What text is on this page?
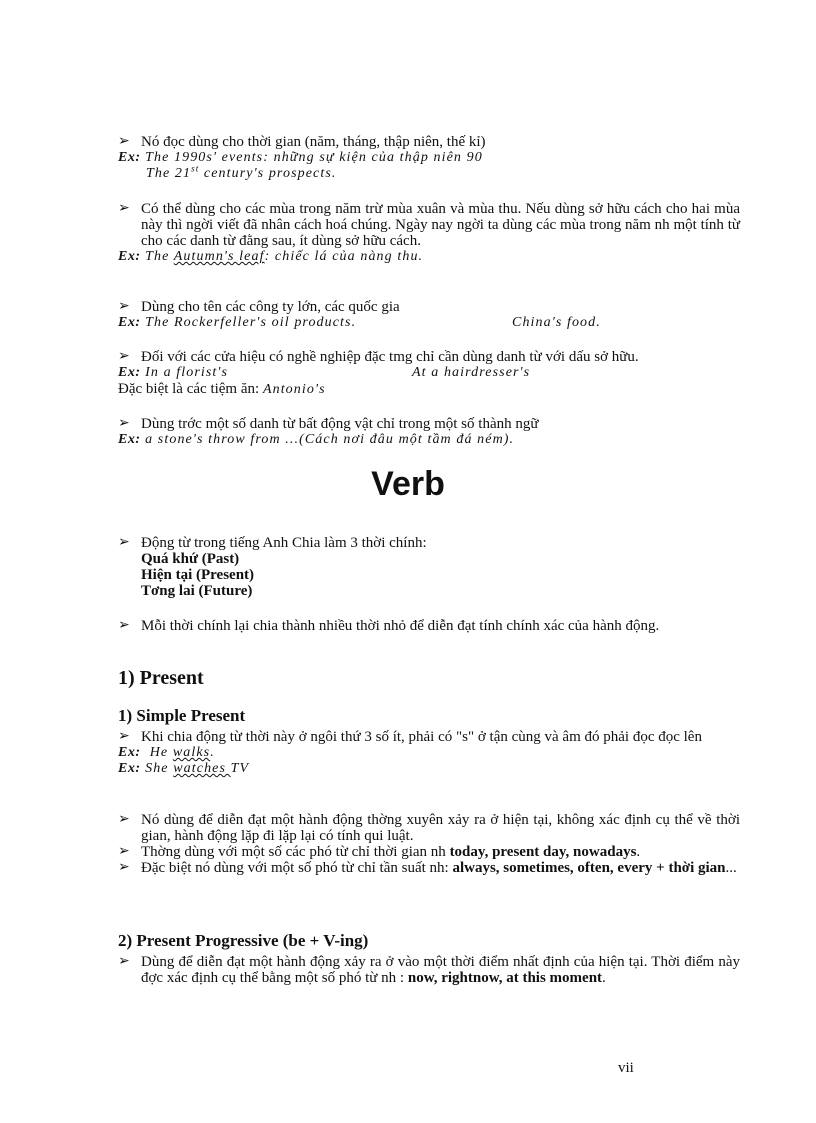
➢ Nó đọc dùng cho thời gian (năm, tháng, thập niên, thế kỉ)
Ex: The 1990s' events: những sự kiện của thập niên 90
The 21st century's prospects.
➢ Có thể dùng cho các mùa trong năm trừ mùa xuân và mùa thu. Nếu dùng sở hữu cách cho hai mùa này thì ngời viết đã nhân cách hoá chúng. Ngày nay ngời ta dùng các mùa trong năm nh một tính từ cho các danh từ đằng sau, ít dùng sở hữu cách.
Ex: The Autumn's leaf: chiếc lá của nàng thu.
➢ Dùng cho tên các công ty lớn, các quốc gia
Ex: The Rockerfeller's oil products.	China's food.
➢ Đối với các cửa hiệu có nghề nghiệp đặc tmg chỉ cần dùng danh từ với dấu sở hữu.
Ex: In a florist's	At a hairdresser's
Đặc biệt là các tiệm ăn: Antonio's
➢ Dùng trớc một số danh từ bất động vật chỉ trong một số thành ngữ
Ex: a stone's throw from ...(Cách nơi đâu một tầm đá ném).
Verb
➢ Động từ trong tiếng Anh Chia làm 3 thời chính:
Quá khứ (Past)
Hiện tại (Present)
Tơng lai (Future)
➢ Mỗi thời chính lại chia thành nhiều thời nhỏ để diễn đạt tính chính xác của hành động.
1) Present
1) Simple Present
➢ Khi chia động từ thời này ở ngôi thứ 3 số ít, phải có "s" ở tận cùng và âm đó phải đọc đọc lên
Ex: He walks.
Ex: She watches TV
➢ Nó dùng để diễn đạt một hành động thờng xuyên xảy ra ở hiện tại, không xác định cụ thể về thời gian, hành động lặp đi lặp lại có tính qui luật.
➢ Thờng dùng với một số các phó từ chỉ thời gian nh today, present day, nowadays.
➢ Đặc biệt nó dùng với một số phó từ chỉ tần suất nh: always, sometimes, often, every + thời gian...
2) Present Progressive (be + V-ing)
➢ Dùng để diễn đạt một hành động xảy ra ở vào một thời điểm nhất định của hiện tại. Thời điểm này đợc xác định cụ thể bằng một số phó từ nh : now, rightnow, at this moment.
vii
